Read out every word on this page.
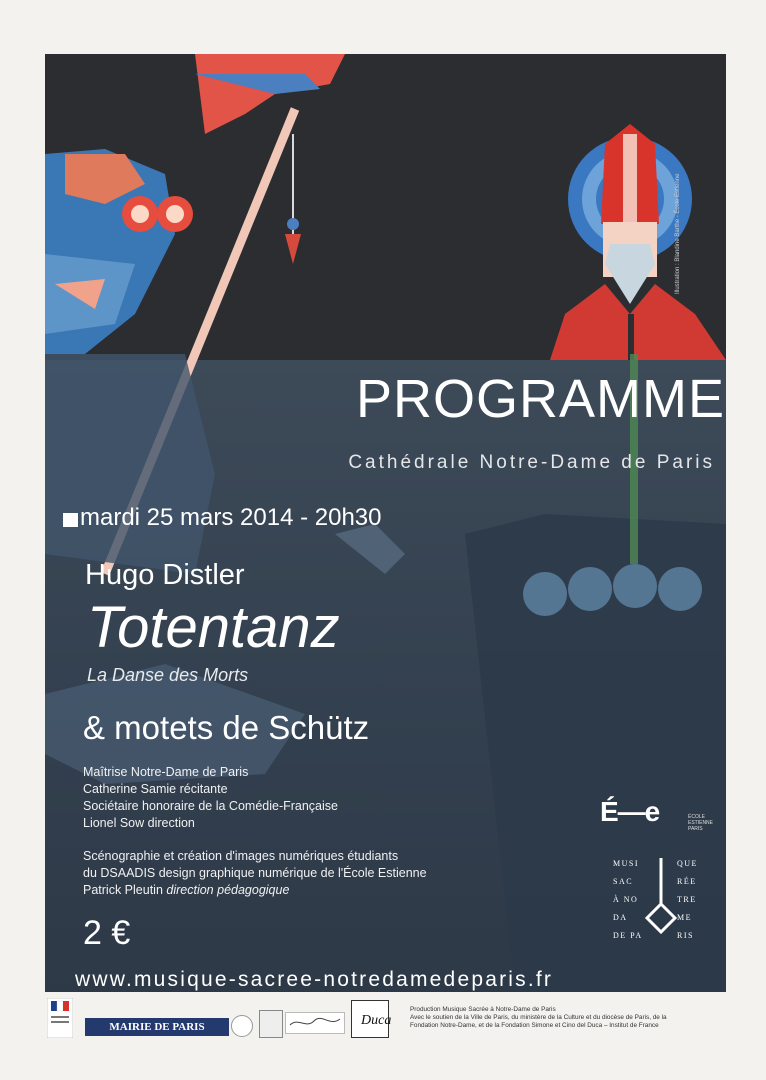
Illustration : Blandine Barthe - École Estienne
PROGRAMME
Cathédrale Notre-Dame de Paris
mardi 25 mars 2014 - 20h30
Hugo Distler
Totentanz
La Danse des Morts
& motets de Schütz
Maîtrise Notre-Dame de Paris
Catherine Samie récitante
Sociétaire honoraire de la Comédie-Française
Lionel Sow direction
Scénographie et création d'images numériques étudiants
du DSAADIS design graphique numérique de l'École Estienne
Patrick Pleutin direction pédagogique
2 €
www.musique-sacree-notredamedeparis.fr
É—e	ÉCOLE
ESTIENNE
PARIS
MUSI	QUE
SAC	RÉE
À NO	TRE
DA	ME
DE PA	RIS
MAIRIE DE PARIS	Duca
Production Musique Sacrée à Notre-Dame de Paris
Avec le soutien de la Ville de Paris, du ministère de la Culture et du diocèse de Paris, de la
Fondation Notre-Dame, et de la Fondation Simone et Cino del Duca – Institut de France
